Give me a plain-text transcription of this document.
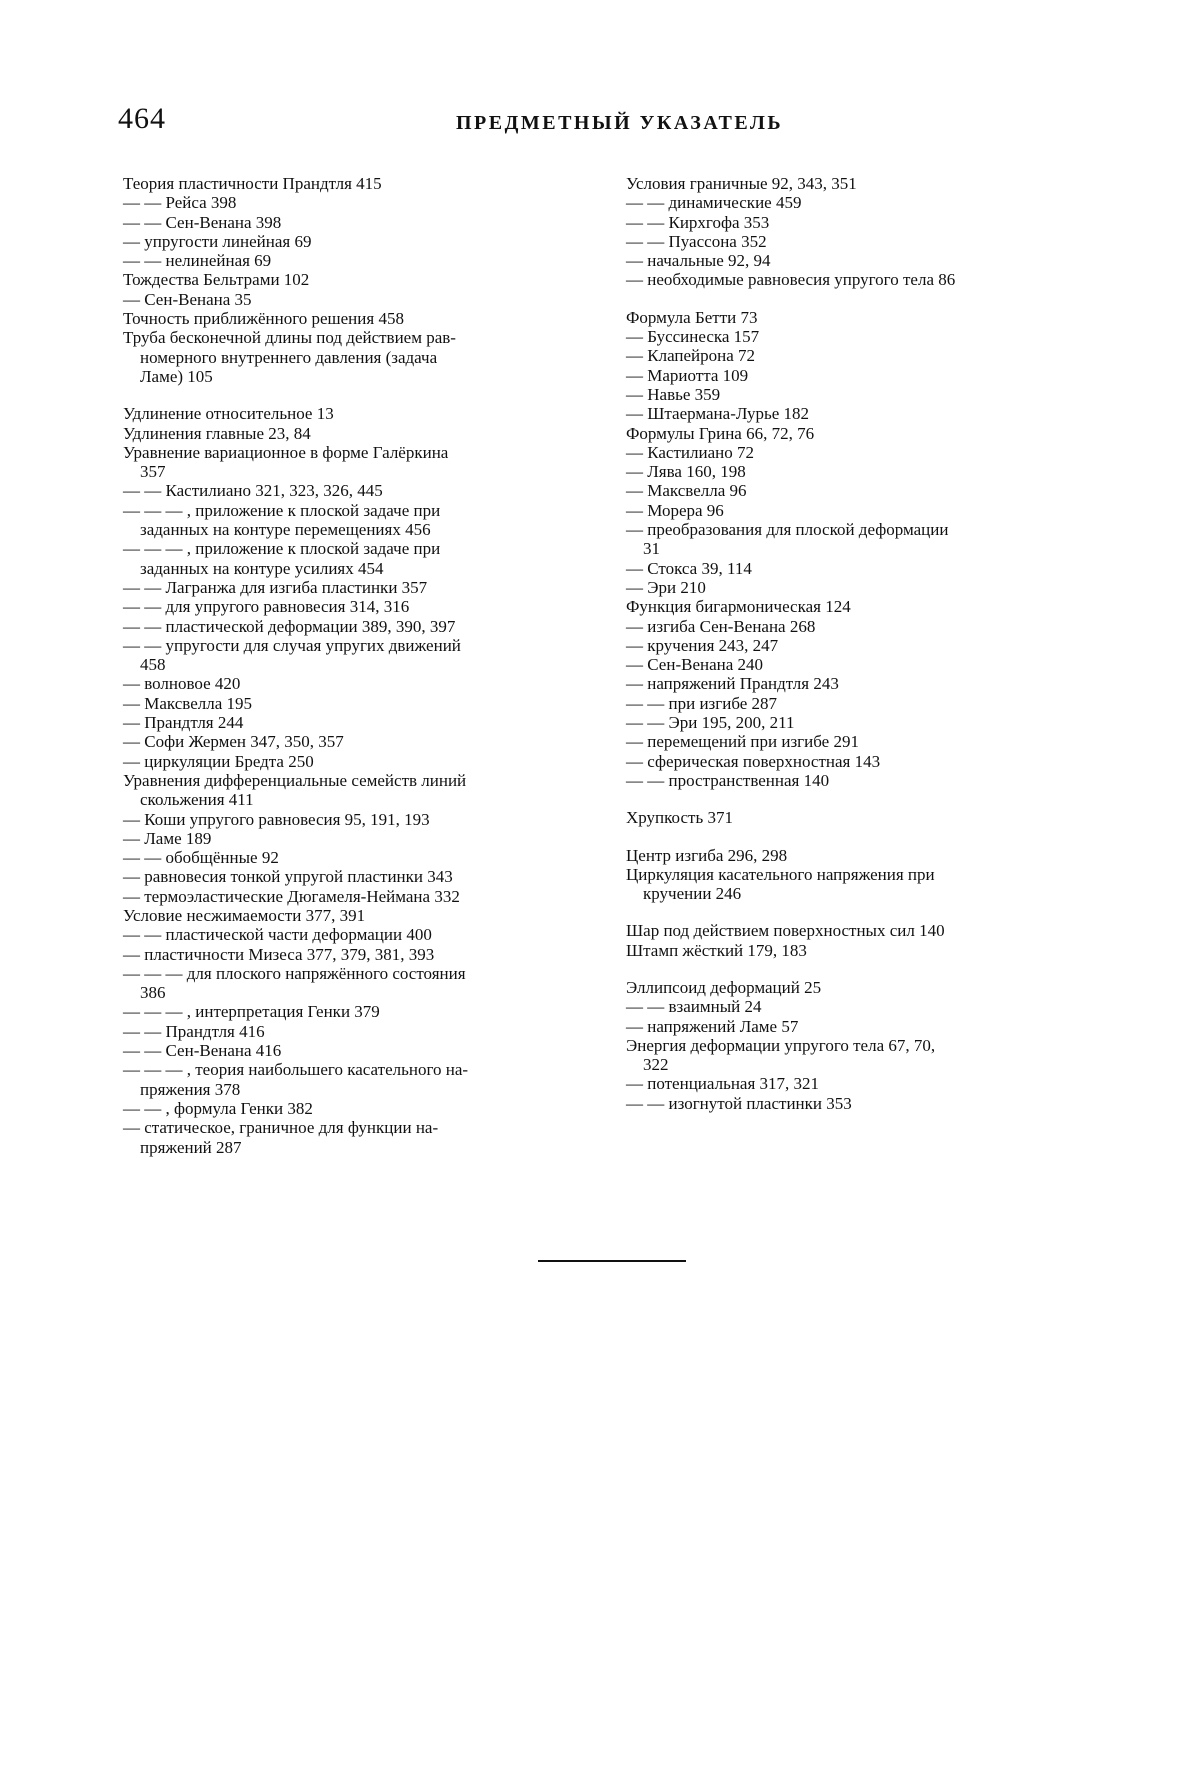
464	ПРЕДМЕТНЫЙ УКАЗАТЕЛЬ
Теория пластичности Прандтля 415
— — Рейса 398
— — Сен-Венана 398
— упругости линейная 69
— — нелинейная 69
Тождества Бельтрами 102
— Сен-Венана 35
Точность приближённого решения 458
Труба бесконечной длины под действием рав-
номерного внутреннего давления (задача
Ламе) 105
Удлинение относительное 13
Удлинения главные 23, 84
Уравнение вариационное в форме Галёркина
357
— — Кастилиано 321, 323, 326, 445
— — — , приложение к плоской задаче при
заданных на контуре перемещениях 456
— — — , приложение к плоской задаче при
заданных на контуре усилиях 454
— — Лагранжа для изгиба пластинки 357
— — для упругого равновесия 314, 316
— — пластической деформации 389, 390, 397
— — упругости для случая упругих движений
458
— волновое 420
— Максвелла 195
— Прандтля 244
— Софи Жермен 347, 350, 357
— циркуляции Бредта 250
Уравнения дифференциальные семейств линий
скольжения 411
— Коши упругого равновесия 95, 191, 193
— Ламе 189
— — обобщённые 92
— равновесия тонкой упругой пластинки 343
— термоэластические Дюгамеля-Неймана 332
Условие несжимаемости 377, 391
— — пластической части деформации 400
— пластичности Мизеса 377, 379, 381, 393
— — — для плоского напряжённого состояния
386
— — — , интерпретация Генки 379
— — Прандтля 416
— — Сен-Венана 416
— — — , теория наибольшего касательного на-
пряжения 378
— — , формула Генки 382
— статическое, граничное для функции на-
пряжений 287
Условия граничные 92, 343, 351
— — динамические 459
— — Кирхгофа 353
— — Пуассона 352
— начальные 92, 94
— необходимые равновесия упругого тела 86
Формула Бетти 73
— Буссинеска 157
— Клапейрона 72
— Мариотта 109
— Навье 359
— Штаермана-Лурье 182
Формулы Грина 66, 72, 76
— Кастилиано 72
— Лява 160, 198
— Максвелла 96
— Морера 96
— преобразования для плоской деформации
31
— Стокса 39, 114
— Эри 210
Функция бигармоническая 124
— изгиба Сен-Венана 268
— кручения 243, 247
— Сен-Венана 240
— напряжений Прандтля 243
— — при изгибе 287
— — Эри 195, 200, 211
— перемещений при изгибе 291
— сферическая поверхностная 143
— — пространственная 140
Хрупкость 371
Центр изгиба 296, 298
Циркуляция касательного напряжения при
кручении 246
Шар под действием поверхностных сил 140
Штамп жёсткий 179, 183
Эллипсоид деформаций 25
— — взаимный 24
— напряжений Ламе 57
Энергия деформации упругого тела 67, 70,
322
— потенциальная 317, 321
— — изогнутой пластинки 353
